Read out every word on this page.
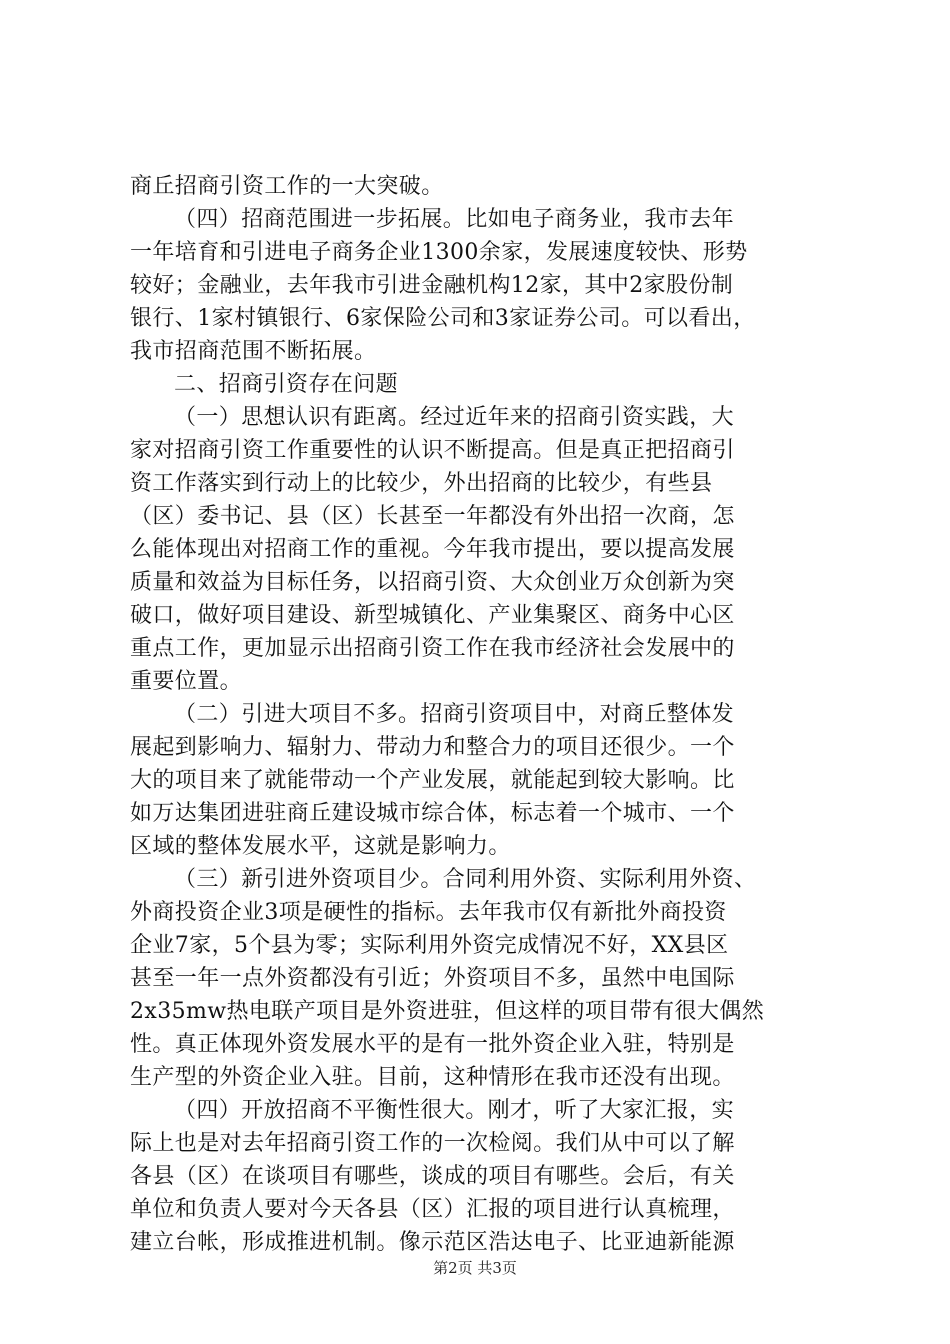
商丘招商引资工作的一大突破。
（四）招商范围进一步拓展。比如电子商务业，我市去年
一年培育和引进电子商务企业1300余家，发展速度较快、形势
较好；金融业，去年我市引进金融机构12家，其中2家股份制
银行、1家村镇银行、6家保险公司和3家证券公司。可以看出，
我市招商范围不断拓展。
二、招商引资存在问题
（一）思想认识有距离。经过近年来的招商引资实践，大
家对招商引资工作重要性的认识不断提高。但是真正把招商引
资工作落实到行动上的比较少，外出招商的比较少，有些县
（区）委书记、县（区）长甚至一年都没有外出招一次商，怎
么能体现出对招商工作的重视。今年我市提出，要以提高发展
质量和效益为目标任务，以招商引资、大众创业万众创新为突
破口，做好项目建设、新型城镇化、产业集聚区、商务中心区
重点工作，更加显示出招商引资工作在我市经济社会发展中的
重要位置。
（二）引进大项目不多。招商引资项目中，对商丘整体发
展起到影响力、辐射力、带动力和整合力的项目还很少。一个
大的项目来了就能带动一个产业发展，就能起到较大影响。比
如万达集团进驻商丘建设城市综合体，标志着一个城市、一个
区域的整体发展水平，这就是影响力。
（三）新引进外资项目少。合同利用外资、实际利用外资、
外商投资企业3项是硬性的指标。去年我市仅有新批外商投资
企业7家，5个县为零；实际利用外资完成情况不好，XX县区
甚至一年一点外资都没有引近；外资项目不多，虽然中电国际
2x35mw热电联产项目是外资进驻，但这样的项目带有很大偶然
性。真正体现外资发展水平的是有一批外资企业入驻，特别是
生产型的外资企业入驻。目前，这种情形在我市还没有出现。
（四）开放招商不平衡性很大。刚才，听了大家汇报，实
际上也是对去年招商引资工作的一次检阅。我们从中可以了解
各县（区）在谈项目有哪些，谈成的项目有哪些。会后，有关
单位和负责人要对今天各县（区）汇报的项目进行认真梳理，
建立台帐，形成推进机制。像示范区浩达电子、比亚迪新能源
第2页 共3页
